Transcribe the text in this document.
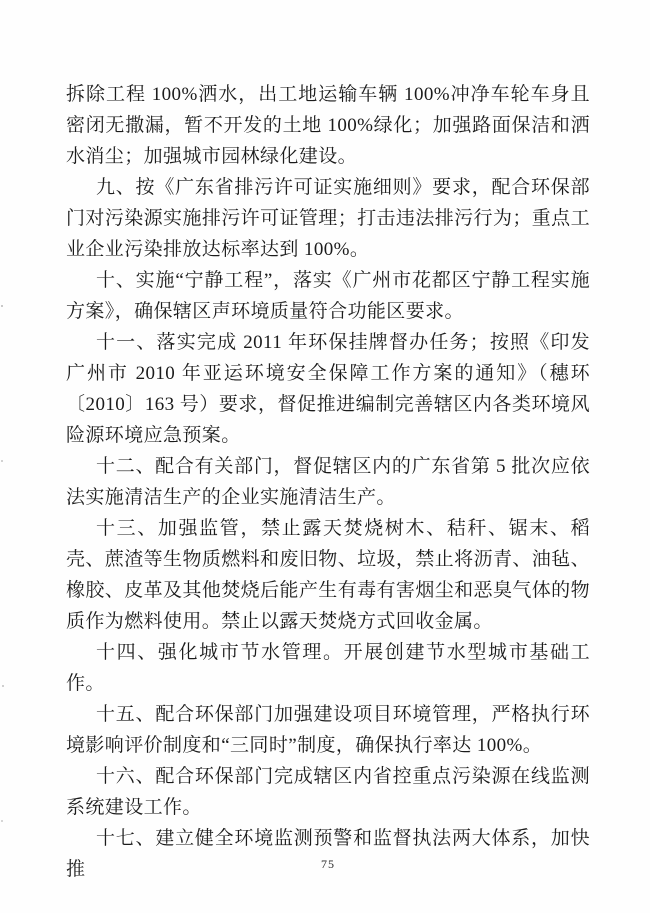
拆除工程 100%洒水，出工地运输车辆 100%冲净车轮车身且密闭无撒漏，暂不开发的土地 100%绿化；加强路面保洁和洒水消尘；加强城市园林绿化建设。

九、按《广东省排污许可证实施细则》要求，配合环保部门对污染源实施排污许可证管理；打击违法排污行为；重点工业企业污染排放达标率达到 100%。

十、实施“宁静工程”，落实《广州市花都区宁静工程实施方案》，确保辖区声环境质量符合功能区要求。

十一、落实完成 2011 年环保挂牌督办任务；按照《印发广州市 2010 年亚运环境安全保障工作方案的通知》（穗环〔2010〕163 号）要求，督促推进编制完善辖区内各类环境风险源环境应急预案。

十二、配合有关部门，督促辖区内的广东省第 5 批次应依法实施清洁生产的企业实施清洁生产。

十三、加强监管，禁止露天焚烧树木、秸秆、锯末、稻壳、蔗渣等生物质燃料和废旧物、垃圾，禁止将沥青、油毡、橡胶、皮革及其他焚烧后能产生有毒有害烟尘和恶臭气体的物质作为燃料使用。禁止以露天焚烧方式回收金属。

十四、强化城市节水管理。开展创建节水型城市基础工作。

十五、配合环保部门加强建设项目环境管理，严格执行环境影响评价制度和“三同时”制度，确保执行率达 100%。

十六、配合环保部门完成辖区内省控重点污染源在线监测系统建设工作。

十七、建立健全环境监测预警和监督执法两大体系，加快推	75
